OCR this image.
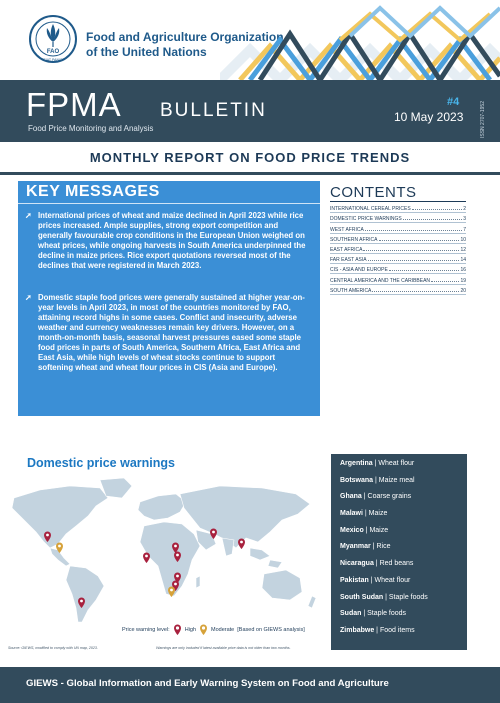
FAO
FIAT PANIS
Food and Agriculture Organization
of the United Nations
FPMA BULLETIN
Food Price Monitoring and Analysis
#4
10 May 2023	ISSN 2707-1952
MONTHLY REPORT ON FOOD PRICE TRENDS
KEY MESSAGES
➚ International prices of wheat and maize declined in April 2023 while rice prices increased. Ample supplies, strong export competition and generally favourable crop conditions in the European Union weighed on wheat prices, while ongoing harvests in South America underpinned the decline in maize prices. Rice export quotations reversed most of the declines that were registered in March 2023.
➚ Domestic staple food prices were generally sustained at higher year-on-year levels in April 2023, in most of the countries monitored by FAO, attaining record highs in some cases. Conflict and insecurity, adverse weather and currency weaknesses remain key drivers. However, on a month-on-month basis, seasonal harvest pressures eased some staple food prices in parts of South America, Southern Africa, East Africa and East Asia, while high levels of wheat stocks continue to support softening wheat and wheat flour prices in CIS (Asia and Europe).
CONTENTS
INTERNATIONAL CEREAL PRICES	2
DOMESTIC PRICE WARNINGS	3
WEST AFRICA	7
SOUTHERN AFRICA	10
EAST AFRICA	12
FAR EAST ASIA	14
CIS - ASIA AND EUROPE	16
CENTRAL AMERICA AND THE CARIBBEAN	19
SOUTH AMERICA	20
Domestic price warnings
Price warning level:	High	Moderate [Based on GIEWS analysis]
Source: GIEWS, modified to comply with UN map, 2023.	Warnings are only included if latest available price data is not older than two months.
Argentina | Wheat flour
Botswana | Maize meal
Ghana | Coarse grains
Malawi | Maize
Mexico | Maize
Myanmar | Rice
Nicaragua | Red beans
Pakistan | Wheat flour
South Sudan | Staple foods
Sudan | Staple foods
Zimbabwe | Food items
GIEWS - Global Information and Early Warning System on Food and Agriculture
